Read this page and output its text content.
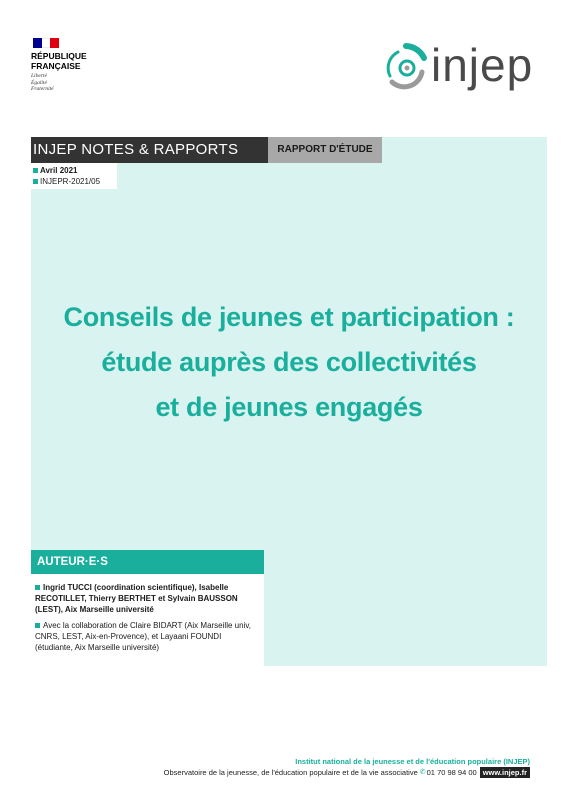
RÉPUBLIQUE
FRANÇAISE
Liberté
Égalité
Fraternité	injep
INJEP NOTES & RAPPORTS	RAPPORT D'ÉTUDE
Avril 2021
INJEPR-2021/05
Conseils de jeunes et participation :
étude auprès des collectivités
et de jeunes engagés
AUTEUR·E·S
Ingrid TUCCI (coordination scientifique), Isabelle RECOTILLET, Thierry BERTHET et Sylvain BAUSSON (LEST), Aix Marseille université
Avec la collaboration de Claire BIDART (Aix Marseille univ, CNRS, LEST, Aix-en-Provence), et Layaani FOUNDI (étudiante, Aix Marseille université)
Institut national de la jeunesse et de l'éducation populaire (INJEP)
Observatoire de la jeunesse, de l'éducation populaire et de la vie associative ✆ 01 70 98 94 00 www.injep.fr
